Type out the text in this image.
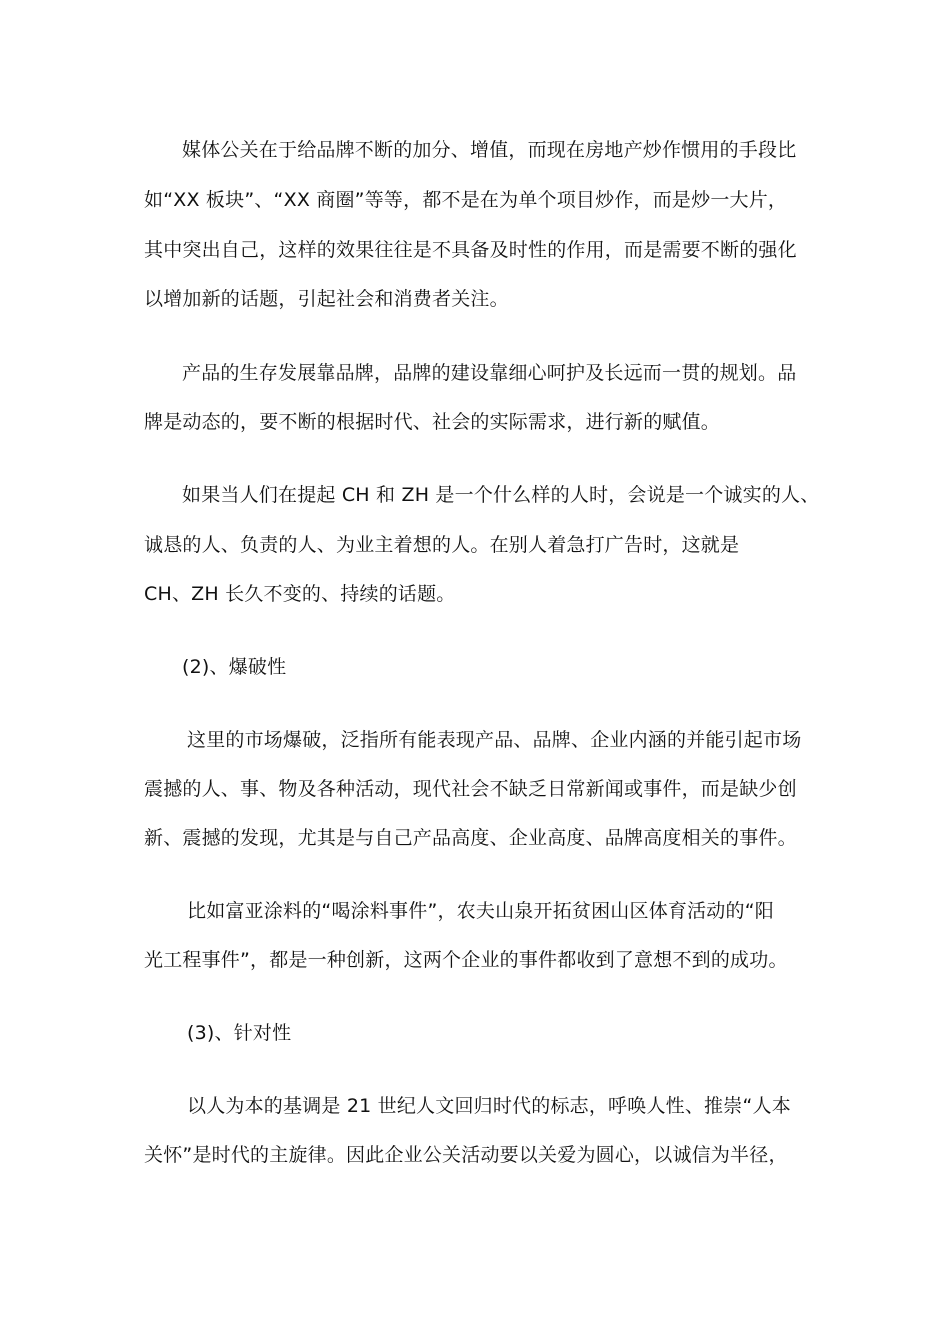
媒体公关在于给品牌不断的加分、增值，而现在房地产炒作惯用的手段比
如“XX 板块”、“XX 商圈”等等，都不是在为单个项目炒作，而是炒一大片，
其中突出自己，这样的效果往往是不具备及时性的作用，而是需要不断的强化
以增加新的话题，引起社会和消费者关注。
产品的生存发展靠品牌，品牌的建设靠细心呵护及长远而一贯的规划。品
牌是动态的，要不断的根据时代、社会的实际需求，进行新的赋值。
如果当人们在提起 CH 和 ZH 是一个什么样的人时，会说是一个诚实的人、
诚恳的人、负责的人、为业主着想的人。在别人着急打广告时，这就是
CH、ZH 长久不变的、持续的话题。
(2)、爆破性
这里的市场爆破，泛指所有能表现产品、品牌、企业内涵的并能引起市场
震撼的人、事、物及各种活动，现代社会不缺乏日常新闻或事件，而是缺少创
新、震撼的发现，尤其是与自己产品高度、企业高度、品牌高度相关的事件。
比如富亚涂料的“喝涂料事件”，农夫山泉开拓贫困山区体育活动的“阳
光工程事件”，都是一种创新，这两个企业的事件都收到了意想不到的成功。
(3)、针对性
以人为本的基调是 21 世纪人文回归时代的标志，呼唤人性、推崇“人本
关怀”是时代的主旋律。因此企业公关活动要以关爱为圆心，以诚信为半径，
